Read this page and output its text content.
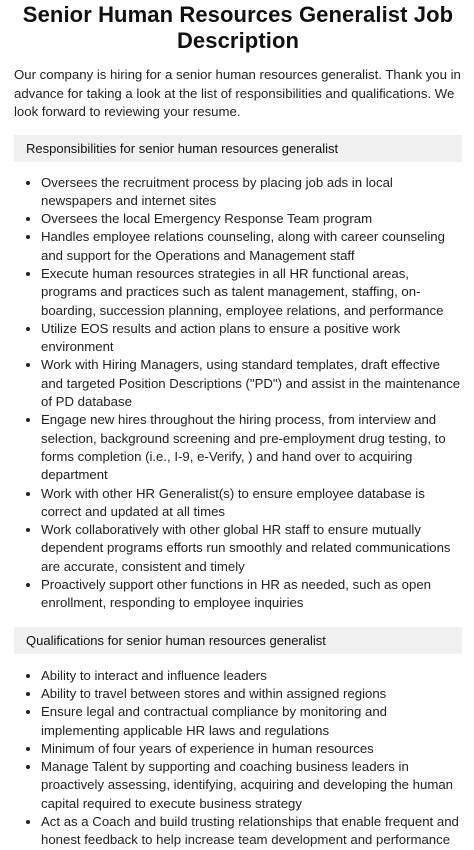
Senior Human Resources Generalist Job Description

Our company is hiring for a senior human resources generalist. Thank you in advance for taking a look at the list of responsibilities and qualifications. We look forward to reviewing your resume.

Responsibilities for senior human resources generalist
• Oversees the recruitment process by placing job ads in local newspapers and internet sites
• Oversees the local Emergency Response Team program
• Handles employee relations counseling, along with career counseling and support for the Operations and Management staff
• Execute human resources strategies in all HR functional areas, programs and practices such as talent management, staffing, on-boarding, succession planning, employee relations, and performance
• Utilize EOS results and action plans to ensure a positive work environment
• Work with Hiring Managers, using standard templates, draft effective and targeted Position Descriptions ("PD") and assist in the maintenance of PD database
• Engage new hires throughout the hiring process, from interview and selection, background screening and pre-employment drug testing, to forms completion (i.e., I-9, e-Verify, ) and hand over to acquiring department
• Work with other HR Generalist(s) to ensure employee database is correct and updated at all times
• Work collaboratively with other global HR staff to ensure mutually dependent programs efforts run smoothly and related communications are accurate, consistent and timely
• Proactively support other functions in HR as needed, such as open enrollment, responding to employee inquiries
Qualifications for senior human resources generalist
• Ability to interact and influence leaders
• Ability to travel between stores and within assigned regions
• Ensure legal and contractual compliance by monitoring and implementing applicable HR laws and regulations
• Minimum of four years of experience in human resources
• Manage Talent by supporting and coaching business leaders in proactively assessing, identifying, acquiring and developing the human capital required to execute business strategy
• Act as a Coach and build trusting relationships that enable frequent and honest feedback to help increase team development and performance
